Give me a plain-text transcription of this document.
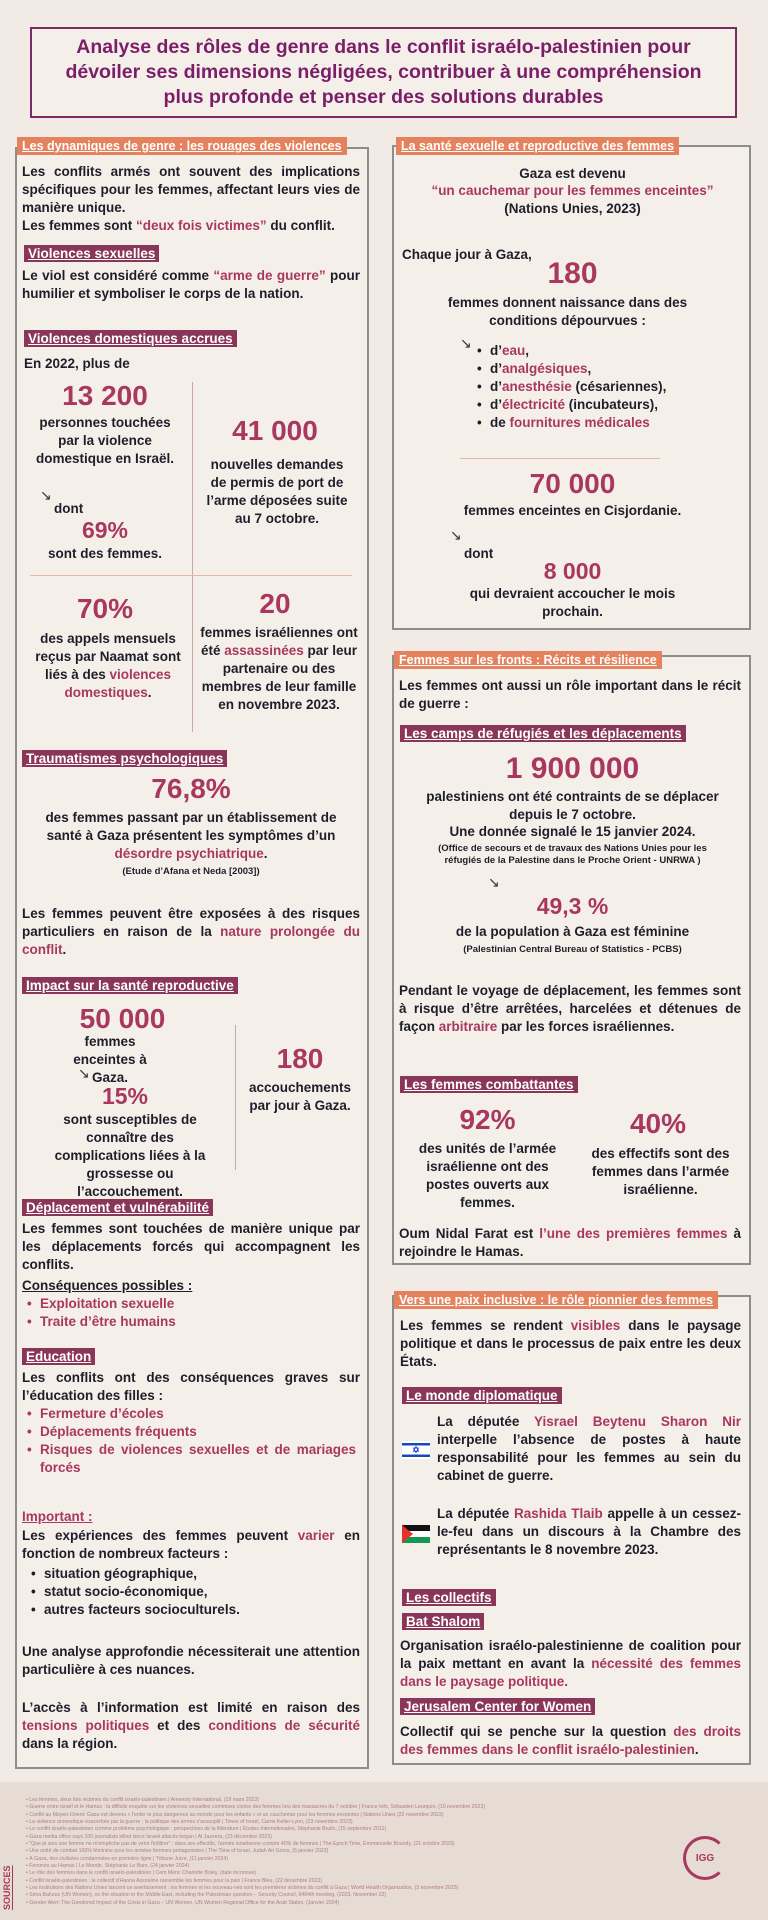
Analyse des rôles de genre dans le conflit israélo-palestinien pour dévoiler ses dimensions négligées, contribuer à une compréhension plus profonde et penser des solutions durables
Les dynamiques de genre : les rouages des violences
Les conflits armés ont souvent des implications spécifiques pour les femmes, affectant leurs vies de manière unique.
Les femmes sont “deux fois victimes” du conflit.
Violences sexuelles
Le viol est considéré comme “arme de guerre” pour humilier et symboliser le corps de la nation.
Violences domestiques accrues
En 2022, plus de
13 200
personnes touchées par la violence domestique en Israël.
↘
dont
69%
sont des femmes.
41 000
nouvelles demandes de permis de port de l’arme déposées suite au 7 octobre.
70%
des appels mensuels reçus par Naamat sont liés à des violences domestiques.
20
femmes israéliennes ont été assassinées par leur partenaire ou des membres de leur famille en novembre 2023.
Traumatismes psychologiques
76,8%
des femmes passant par un établissement de santé à Gaza présentent les symptômes d’un désordre psychiatrique.
(Etude d’Afana et Neda [2003])
Les femmes peuvent être exposées à des risques particuliers en raison de la nature prolongée du conflit.
Impact sur la santé reproductive
50 000
femmes enceintes à Gaza.
↘
15%
sont susceptibles de connaître des complications liées à la grossesse ou l’accouchement.
180
accouchements par jour à Gaza.
Déplacement et vulnérabilité
Les femmes sont touchées de manière unique par les déplacements forcés qui accompagnent les conflits.
Conséquences possibles :
• Exploitation sexuelle
• Traite d’être humains
Education
Les conflits ont des conséquences graves sur l’éducation des filles :
• Fermeture d’écoles
• Déplacements fréquents
• Risques de violences sexuelles et de mariages forcés
Important :
Les expériences des femmes peuvent varier en fonction de nombreux facteurs :
• situation géographique,
• statut socio-économique,
• autres facteurs socioculturels.
Une analyse approfondie nécessiterait une attention particulière à ces nuances.
L’accès à l’information est limité en raison des tensions politiques et des conditions de sécurité dans la région.
La santé sexuelle et reproductive des femmes
Gaza est devenu
“un cauchemar pour les femmes enceintes”
(Nations Unies, 2023)
Chaque jour à Gaza,
180
femmes donnent naissance dans des conditions dépourvues :
↘
•	d’eau,
• d’analgésiques,
• d’anesthésie (césariennes),
• d’électricité (incubateurs),
• de fournitures médicales
70 000
femmes enceintes en Cisjordanie.
↘
dont
8 000
qui devraient accoucher le mois prochain.
Femmes sur les fronts : Récits et résilience
Les femmes ont aussi un rôle important dans le récit de guerre :
Les camps de réfugiés et les déplacements
1 900 000
palestiniens ont été contraints de se déplacer depuis le 7 octobre.
Une donnée signalé le 15 janvier 2024.
(Office de secours et de travaux des Nations Unies pour les réfugiés de la Palestine dans le Proche Orient - UNRWA )
↘
49,3 %
de la population à Gaza est féminine
(Palestinian Central Bureau of Statistics - PCBS)
Pendant le voyage de déplacement, les femmes sont à risque d’être arrêtées, harcelées et détenues de façon arbitraire par les forces israéliennes.
Les femmes combattantes
92%
des unités de l’armée israélienne ont des postes ouverts aux femmes.
40%
des effectifs sont des femmes dans l’armée israélienne.
Oum Nidal Farat est l’une des premières femmes à rejoindre le Hamas.
Vers une paix inclusive : le rôle pionnier des femmes
Les femmes se rendent visibles dans le paysage politique et dans le processus de paix entre les deux États.
Le monde diplomatique
La députée Yisrael Beytenu Sharon Nir interpelle l’absence de postes à haute responsabilité pour les femmes au sein du cabinet de guerre.
La députée Rashida Tlaib appelle à un cessez-le-feu dans un discours à la Chambre des représentants le 8 novembre 2023.
Les collectifs
Bat Shalom
Organisation israélo-palestinienne de coalition pour la paix mettant en avant la nécessité des femmes dans le paysage politique.
Jerusalem Center for Women
Collectif qui se penche sur la question des droits des femmes dans le conflit israélo-palestinien.
SOURCES
• Les femmes, deux fois victimes du conflit israélo-palestinien | Amnesty International, (19 mars 2023)
• Guerre entre Israël et le Hamas : la difficile enquête sur les violences sexuelles commises contre des femmes lors des massacres du 7 octobre | France Info, Sébastien Leurquin, (19 novembre 2023)
• Conflit au Moyen-Orient: Gaza est devenu « l'enfer le plus dangereux au monde pour les enfants » et un cauchemar pour les femmes enceintes | Nations Unies (22 novembre 2023)
• La violence domestique exacerbée par la guerre ; la politique des armes s'assouplit | Times of Israel, Carrie Keller-Lynn, (23 novembre 2023)
• Le conflit israélo-palestinien comme problème psychologique : perspectives de la littérature | Etudes Internationales, Stéphanie Brulin, (15 septembre 2011)
• Gaza media office says 100 journalists killed since Israeli attacks began | Al Jazeera, (23 décembre 2023)
• "Que je sois une femme ne m'empêche pas de venir l'infiltrer" : dans ses effectifs, l'armée israélienne compte 40% de femmes | The Epoch Time, Emmanuelle Boundy, (21 octobre 2023)
• Une unité de combat 100% féminine pour les armées femmes protagonistes | The Time of Israel, Judah Ari Gross, (5 janvier 2022)
• À Gaza, des civilsées condamnées en première ligne | Tribune Juive, (11 janvier 2024)
• Femmes au Hamas | Le Monde, Stéphanie Le Bars, (24 janvier 2024)
• Le rôle des femmes dans le conflit israélo-palestinien | Cem Meric Charlotte Boley, (date inconnue)
• Conflit israélo-palestinien : le collectif d'Hanna Assouline rassemble les femmes pour la paix | France Bleu, (22 décembre 2023)
• Les institutions des Nations Unies lancent un avertissement : les femmes et les nouveau-nés sont les premières victimes du conflit à Gaza | World Health Organization, (3 novembre 2023)
• Sima Bahous (UN Women), on the situation in the Middle East, including the Palestinian question – Security Council, 9484th meeting, (2023, November 22)
• Gender Alert: The Gendered Impact of the Crisis in Gaza – UN Women, UN Women Regional Office for the Arab States, (Janvier 2024)
IGG
